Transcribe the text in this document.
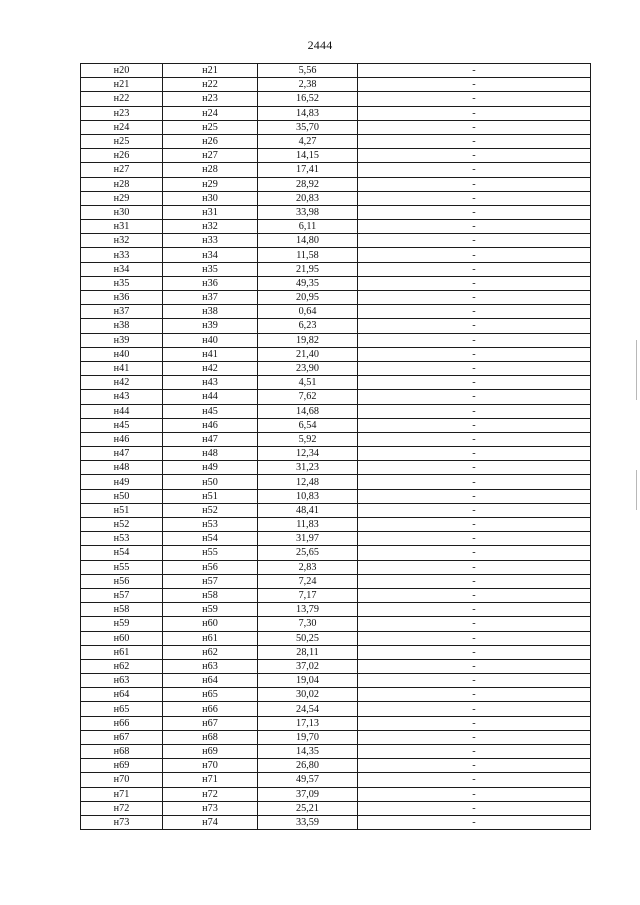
2444
н20	н21	5,56	-
н21	н22	2,38	-
н22	н23	16,52	-
н23	н24	14,83	-
н24	н25	35,70	-
н25	н26	4,27	-
н26	н27	14,15	-
н27	н28	17,41	-
н28	н29	28,92	-
н29	н30	20,83	-
н30	н31	33,98	-
н31	н32	6,11	-
н32	н33	14,80	-
н33	н34	11,58	-
н34	н35	21,95	-
н35	н36	49,35	-
н36	н37	20,95	-
н37	н38	0,64	-
н38	н39	6,23	-
н39	н40	19,82	-
н40	н41	21,40	-
н41	н42	23,90	-
н42	н43	4,51	-
н43	н44	7,62	-
н44	н45	14,68	-
н45	н46	6,54	-
н46	н47	5,92	-
н47	н48	12,34	-
н48	н49	31,23	-
н49	н50	12,48	-
н50	н51	10,83	-
н51	н52	48,41	-
н52	н53	11,83	-
н53	н54	31,97	-
н54	н55	25,65	-
н55	н56	2,83	-
н56	н57	7,24	-
н57	н58	7,17	-
н58	н59	13,79	-
н59	н60	7,30	-
н60	н61	50,25	-
н61	н62	28,11	-
н62	н63	37,02	-
н63	н64	19,04	-
н64	н65	30,02	-
н65	н66	24,54	-
н66	н67	17,13	-
н67	н68	19,70	-
н68	н69	14,35	-
н69	н70	26,80	-
н70	н71	49,57	-
н71	н72	37,09	-
н72	н73	25,21	-
н73	н74	33,59	-
